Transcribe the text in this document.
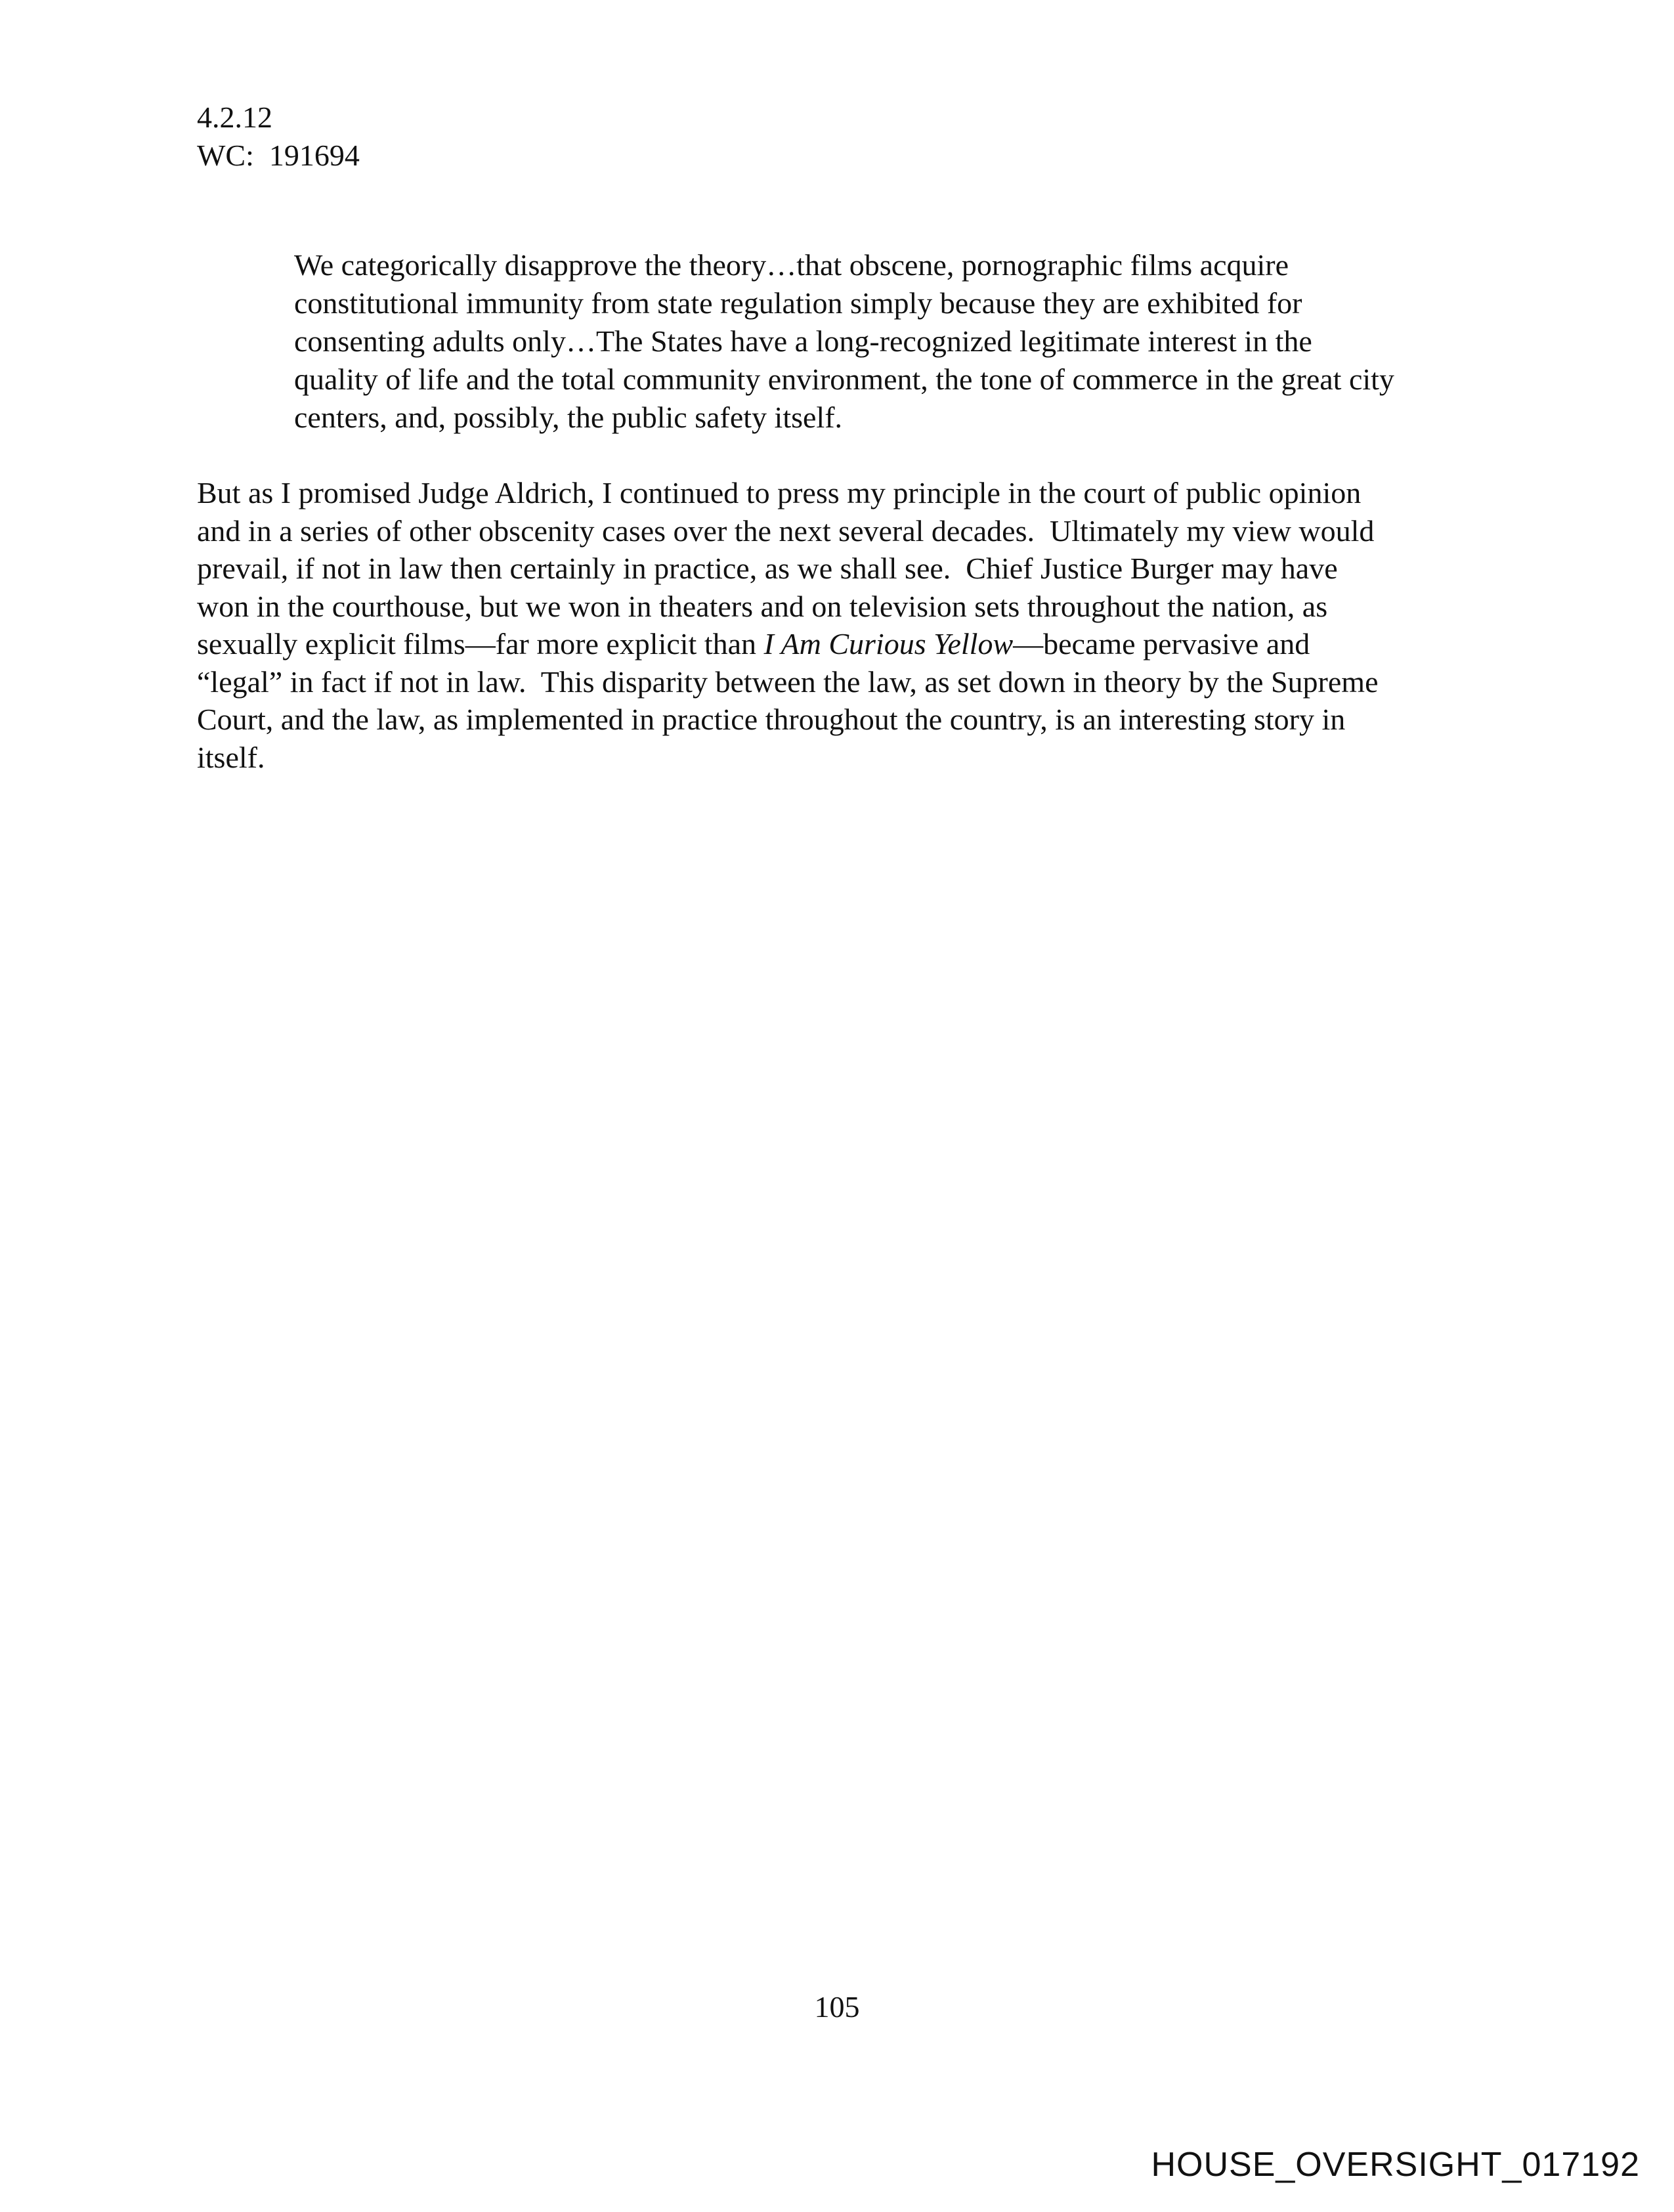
4.2.12
WC:  191694
We categorically disapprove the theory…that obscene, pornographic films acquire
constitutional immunity from state regulation simply because they are exhibited for
consenting adults only…The States have a long-recognized legitimate interest in the
quality of life and the total community environment, the tone of commerce in the great city
centers, and, possibly, the public safety itself.
But as I promised Judge Aldrich, I continued to press my principle in the court of public opinion
and in a series of other obscenity cases over the next several decades.  Ultimately my view would
prevail, if not in law then certainly in practice, as we shall see.  Chief Justice Burger may have
won in the courthouse, but we won in theaters and on television sets throughout the nation, as
sexually explicit films—far more explicit than I Am Curious Yellow—became pervasive and
“legal” in fact if not in law.  This disparity between the law, as set down in theory by the Supreme
Court, and the law, as implemented in practice throughout the country, is an interesting story in
itself.
105
HOUSE_OVERSIGHT_017192
